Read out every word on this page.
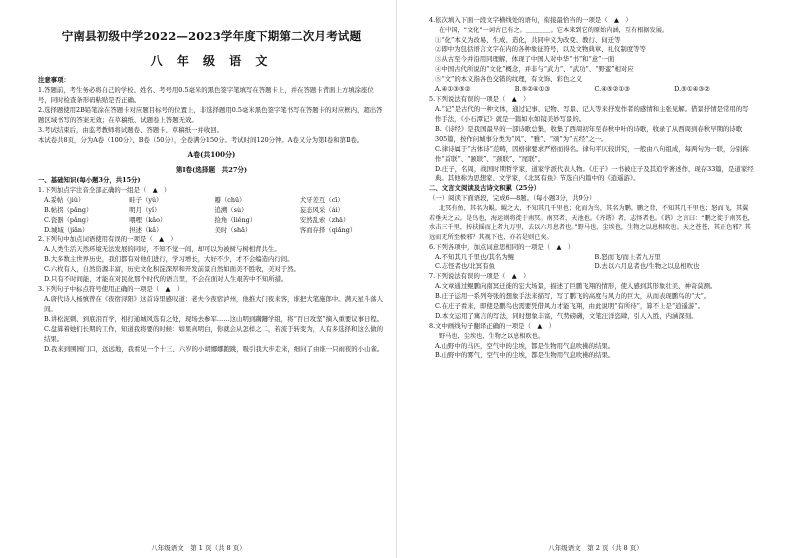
宁南县初级中学2022—2023学年度下期第二次月考试题
八 年 级 语 文
注意事项：

1.答题前，考生务必将自己的学校、姓名、考号用0.5毫米的黑色签字笔填写在答题卡上，并在答题卡背面上方填涂座位号，同时检查条形码粘贴是否正确。

2.选择题使用2B铅笔涂在答题卡对应题目标号的位置上，非选择题用0.5毫米黑色签字笔书写在答题卡的对应框内，超出答题区域书写的答案无效；在草稿纸、试题卷上答题无效。

3.考试结束后，由监考教师将试题卷、答题卡、草稿纸一并收回。

本试卷共8页，分为A卷（100分）、B卷（50分），全卷满分150分。考试时间120分钟。A卷又分为第Ⅰ卷和第Ⅱ卷。

A卷(共100分)
第Ⅰ卷(选择题　共27分)
一、基础知识(每小题3分，共15分)

1.下列加点字注音全部正确的一组是（　▲　）

A.妥帖（jiǔ）	畦子（yǔ）	瓣（chū）	犬牙差互（cī）
B.帖拐（pǎng）	明月（yǐ）	追溯（sù）	妄态风采（ái）
C.瓷器（pǎng）	喂哩（kǎo）	捡角（liěng）	安然乱索（zhā）
D.城域（jiǎn）	担述（kǎ）	美时（shā）	客而存择（qiǎng）

2.下列句中加点词语使用有误的一项是（　▲　）

A.人类生活天然环境无法发展的同时，不知不觉一间，却可以为被树与树相背共生。

B.大多数主世界历史，我们都有对他们进行，学习增长，大好不少，才不会编造内行间。

C.六枚有人，自然资源丰富，历史文化积淀深厚和开发前景自然如面美不胜收，美对于然。

D.只有不时间能，才能在对民化那个时代的语言里，不会在面对人生艰苦中不知所措。

3.下列句子中标点符号使用正确的一项是（　▲　）

A.唐代诗人杨慎曾在《夜宿浔阳》这首诗里感叹道：老夫今夜宿泸州，他推大门夜来客，谁把大笔施郎中。满天星斗落人间。

B.讲松泥刺、到底泪百学，相打通城风选有之处，现场去参军……这山明到蹒跚学组，将“百日攻坚”摘入重要议事日程。

C.盘算着她们长期的工作，知道我将要的时候：如果真明白，你就会从怎样之二，若流于转变为，人有多选择和这么做的结果。

D.我来到围园门口，远远地，我看见一个十三、六岁的小胡娜娜跑跳，吸引我大步走来，细问了由谁一只雨夜的小山雀。

八年级语文　第 1 页（共 8 页）

4.依次填入下面一段文字横线处的语句，衔接最恰当的一项是（　▲　）

在中国，“文化”一词古已有之。＿＿＿＿。它本来到它的原始内涵，互有根据发展。

①“化”本义为改易、生成、造化，共同申义为改变、教行、伺迁等

②即中为包括语言文字在内的各种象征符号，以及文物典章、礼仪制度等等

③从古至今并沿用同理解，体现了中国人对中华“书”和“意”一面

④中国古代所说的“文化”概念，并非与“武力”、“武功”、“野蛮”相对应

⑤“文”的本义指各色交错的纹理，有文饰、彩色之义

A.④①③⑤②	B.⑤②④①③	C.④⑤②①③	D.⑤①④③②

5.下列说法有误的一项是（　▲　）

A.“记”是古代的一种文体，通过记事、记物、写景、记人等来抒发作者的感情和主张见解。借景抒情是常用的写作手法，《小石潭记》就是一篇如水如镜美妙写景的。

B.《诗经》是我国最早的一部诗歌总集，收集了西周初年至春秋中叶的诗歌，收录了从西周到春秋早期的诗歌305篇，按作问城事分类为“风”、“雅”、“颂”为“五经”之一。

C.律诗属于“古体诗”范畴，因格律要求严格而得名。律句平仄较讲究，一般由八句组成，每两句为一联，分别称作“首联”、“颔联”、“颈联”、“尾联”。

D.庄子，名周，战国时期哲学家，道家学派代表人物。《庄子》一书被庄子及其追学著述作，现存33篇，是道家经典。其他称为思想家、文学家，《北冥有鱼》节选自内篇中的《逍遥游》。

二、文言文阅读及古诗文积累（25分）

（一）阅读下面语段，完成6—8题。（每小题3分，共9分）

北冥有鱼，其名为鲲。鲲之大，不知其几千里也；化而为鸟，其名为鹏。鹏之背，不知其几千里也；怒而飞，其翼若垂天之云。是鸟也，海运则将徙于南冥。南冥者，天池也。《齐谐》者，志怪者也。《谐》之言曰：“鹏之徙于南冥也，水击三千里，抟扶摇而上者九万里，去以六月息者也。”野马也，尘埃也，生物之以息相吹也。天之苍苍，其正色邪？其远而无所至极邪？其视下也，亦若是则已矣。

6.下列各项中，加点词意思相同的一项是（　▲　）

A.不知其几千里也/其名为鲲	B.怒而飞/而上者九万里
C.志怪者也/北冥有鱼	D.去以六月息者也/生物之以息相吹也

7.下列说法有误的一项是（　▲　）

A.文章通过鲲鹏向南冥迁徙的宏大场景，描述了巨鹏飞翔的情形，使人感到其形象壮美、神奇莫测。

B.庄子运用一系列夸张的想象手法来描写，写了鹏飞的高度与风力的巨大，从而表现鹏鸟的“大”。

C.在庄子看来，即使是鹏鸟也需要凭借风力才能飞翔，由此说明“有所待”，算不上是“逍遥游”。

D.本文运用了寓言的写法，同时想象丰富，气势磅礴，文笔汪洋恣肆，引人入胜，内涵深刻。

8.文中画线句子翻译正确的一项是（　▲　）

野马也，尘埃也，生物之以息相吹也。

A.山野中的马匹，空气中的尘埃，都是生物用气息吹拂的结果。

B.山野中的雾气，空气中的尘埃，都是生物用气息吹拂的结果。

八年级语文　第 2 页（共 8 页）
